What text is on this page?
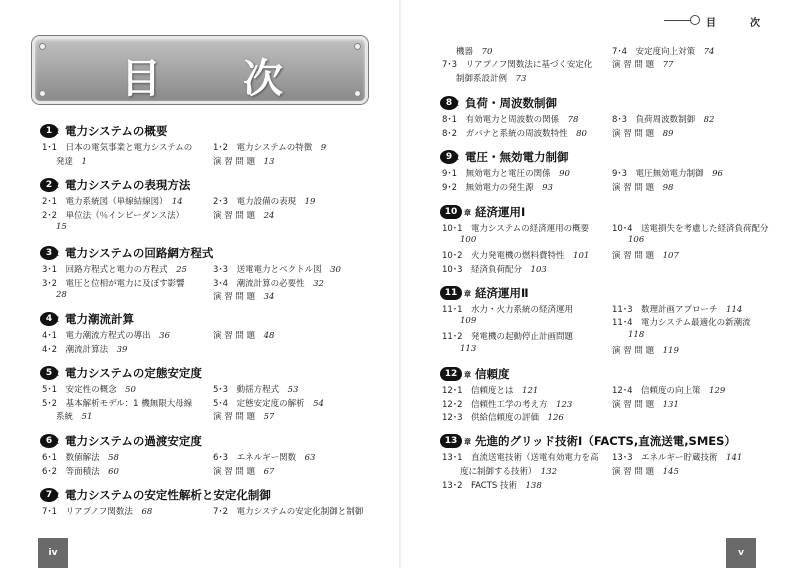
目 次
目	次
iv	v
1 章 電力システムの概要
1･1　 日本の電気事業と電力システムの
発達　 1
1･2　 電力システムの特徴　 9
演 習 問 題　 13
2 章 電力システムの表現方法
2･1　 電力系統図（単線結線図）　 14
2･2　 単位法（％インピーダンス法）
15
2･3　 電力設備の表現　 19
演 習 問 題　 24
3 章 電力システムの回路網方程式
3･1　 回路方程式と電力の方程式　 25
3･2　 電圧と位相が電力に及ぼす影響
28
3･3　 送電電力とベクトル図　 30
3･4　 潮流計算の必要性　 32
演 習 問 題　 34
4 章 電力潮流計算
4･1　 電力潮流方程式の導出　 36
4･2　 潮流計算法　 39
演 習 問 題　 48
5 章 電力システムの定態安定度
5･1　 安定性の概念　 50
5･2　 基本解析モデル：1 機無限大母線
系統　 51
5･3　 動揺方程式　 53
5･4　 定態安定度の解析　 54
演 習 問 題　 57
6 章 電力システムの過渡安定度
6･1　 数値解法　 58
6･2　 等面積法　 60
6･3　 エネルギー関数　 63
演 習 問 題　 67
7 章 電力システムの安定性解析と安定化制御
7･1　 リアプノフ関数法　 68	7･2　 電力システムの安定化制御と制御
機器　 70
7･3　 リアプノフ関数法に基づく安定化
制御系設計例　 73
7･4　 安定度向上対策　 74
演 習 問 題　 77
8 章 負荷・周波数制御
8･1　 有効電力と周波数の関係　 78
8･2　 ガバナと系統の周波数特性　 80
8･3　 負荷周波数制御　 82
演 習 問 題　 89
9 章 電圧・無効電力制御
9･1　 無効電力と電圧の関係　 90
9･2　 無効電力の発生源　 93
9･3　 電圧無効電力制御　 96
演 習 問 題　 98
10 章 経済運用Ⅰ
10･1　 電力システムの経済運用の概要
100
10･2　 火力発電機の燃料費特性　 101
10･3　 経済負荷配分　 103
10･4　 送電損失を考慮した経済負荷配分
106
演 習 問 題　 107
11 章 経済運用Ⅱ
11･1　 水力・火力系統の経済運用
109
11･2　 発電機の起動停止計画問題
113
11･3　 数理計画アプローチ　 114
11･4　 電力システム最適化の新潮流
118
演 習 問 題　 119
12 章 信頼度
12･1　 信頼度とは　 121
12･2　 信頼性工学の考え方　 123
12･3　 供給信頼度の評価　 126
12･4　 信頼度の向上策　 129
演 習 問 題　 131
13 章 先進的グリッド技術Ⅰ（FACTS,直流送電,SMES）
13･1　 直流送電技術（送電有効電力を高
度に制御する技術）　 132
13･2　 FACTS 技術　 138
13･3　 エネルギー貯蔵技術　 141
演 習 問 題　 145
